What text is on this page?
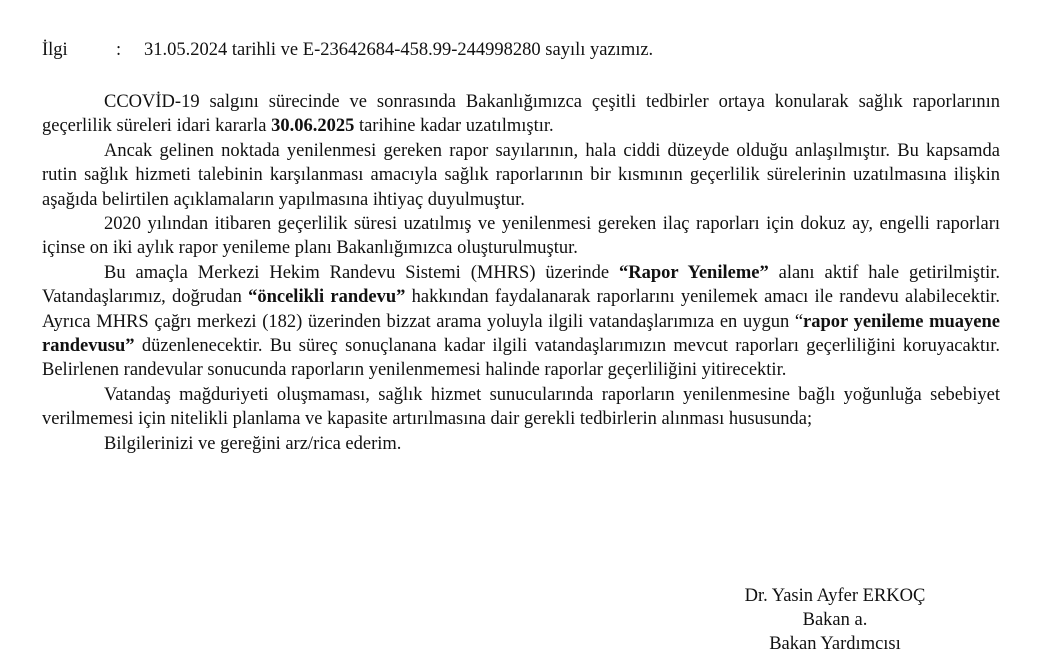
İlgi	: 31.05.2024 tarihli ve E-23642684-458.99-244998280 sayılı yazımız.

CCOVİD-19 salgını sürecinde ve sonrasında Bakanlığımızca çeşitli tedbirler ortaya konularak sağlık raporlarının geçerlilik süreleri idari kararla 30.06.2025 tarihine kadar uzatılmıştır.

Ancak gelinen noktada yenilenmesi gereken rapor sayılarının, hala ciddi düzeyde olduğu anlaşılmıştır. Bu kapsamda rutin sağlık hizmeti talebinin karşılanması amacıyla sağlık raporlarının bir kısmının geçerlilik sürelerinin uzatılmasına ilişkin aşağıda belirtilen açıklamaların yapılmasına ihtiyaç duyulmuştur.

2020 yılından itibaren geçerlilik süresi uzatılmış ve yenilenmesi gereken ilaç raporları için dokuz ay, engelli raporları içinse on iki aylık rapor yenileme planı Bakanlığımızca oluşturulmuştur.

Bu amaçla Merkezi Hekim Randevu Sistemi (MHRS) üzerinde “Rapor Yenileme” alanı aktif hale getirilmiştir. Vatandaşlarımız, doğrudan “öncelikli randevu” hakkından faydalanarak raporlarını yenilemek amacı ile randevu alabilecektir. Ayrıca MHRS çağrı merkezi (182) üzerinden bizzat arama yoluyla ilgili vatandaşlarımıza en uygun “rapor yenileme muayene randevusu” düzenlenecektir. Bu süreç sonuçlanana kadar ilgili vatandaşlarımızın mevcut raporları geçerliliğini koruyacaktır. Belirlenen randevular sonucunda raporların yenilenmemesi halinde raporlar geçerliliğini yitirecektir.

Vatandaş mağduriyeti oluşmaması, sağlık hizmet sunucularında raporların yenilenmesine bağlı yoğunluğa sebebiyet verilmemesi için nitelikli planlama ve kapasite artırılmasına dair gerekli tedbirlerin alınması hususunda;

Bilgilerinizi ve gereğini arz/rica ederim.

Dr. Yasin Ayfer ERKOÇ
Bakan a.
Bakan Yardımcısı
